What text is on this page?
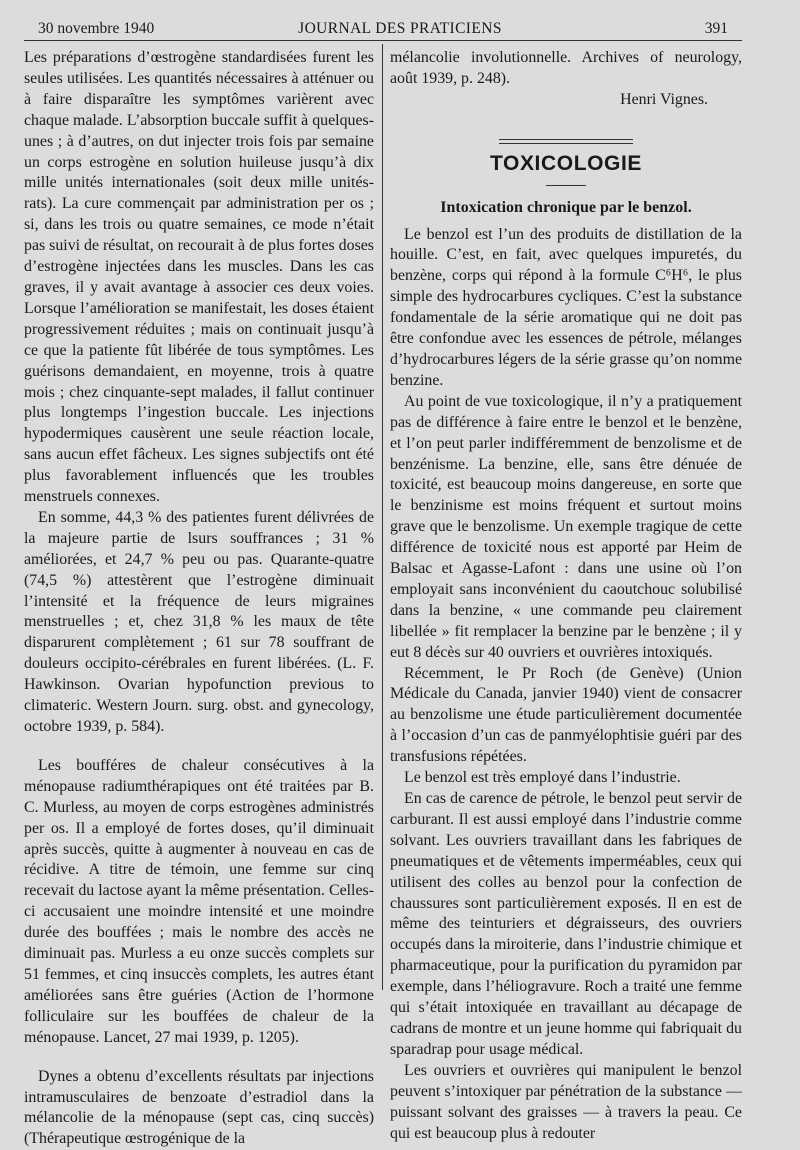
30 novembre 1940	JOURNAL DES PRATICIENS	391

Les préparations d’œstrogène standardisées furent les seules utilisées. Les quantités nécessaires à atténuer ou à faire disparaître les symptômes varièrent avec chaque malade. L’absorption buccale suffit à quelques-unes ; à d’autres, on dut injecter trois fois par semaine un corps estrogène en solution huileuse jusqu’à dix mille unités internationales (soit deux mille unités-rats). La cure commençait par administration per os ; si, dans les trois ou quatre semaines, ce mode n’était pas suivi de résultat, on recourait à de plus fortes doses d’estrogène injectées dans les muscles. Dans les cas graves, il y avait avantage à associer ces deux voies. Lorsque l’amélioration se manifestait, les doses étaient progressivement réduites ; mais on continuait jusqu’à ce que la patiente fût libérée de tous symptômes. Les guérisons demandaient, en moyenne, trois à quatre mois ; chez cinquante-sept malades, il fallut continuer plus longtemps l’ingestion buccale. Les injections hypodermiques causèrent une seule réaction locale, sans aucun effet fâcheux. Les signes subjectifs ont été plus favorablement influencés que les troubles menstruels connexes.

En somme, 44,3 % des patientes furent délivrées de la majeure partie de lsurs souffrances ; 31 % améliorées, et 24,7 % peu ou pas. Quarante-quatre (74,5 %) attestèrent que l’estrogène diminuait l’intensité et la fréquence de leurs migraines menstruelles ; et, chez 31,8 % les maux de tête disparurent complètement ; 61 sur 78 souffrant de douleurs occipito-cérébrales en furent libérées. (L. F. Hawkinson. Ovarian hypofunction previous to climateric. Western Journ. surg. obst. and gynecology, octobre 1939, p. 584).

Les boufféres de chaleur consécutives à la ménopause radiumthérapiques ont été traitées par B. C. Murless, au moyen de corps estrogènes administrés per os. Il a employé de fortes doses, qu’il diminuait après succès, quitte à augmenter à nouveau en cas de récidive. A titre de témoin, une femme sur cinq recevait du lactose ayant la même présentation. Celles-ci accusaient une moindre intensité et une moindre durée des bouffées ; mais le nombre des accès ne diminuait pas. Murless a eu onze succès complets sur 51 femmes, et cinq insuccès complets, les autres étant améliorées sans être guéries (Action de l’hormone folliculaire sur les bouffées de chaleur de la ménopause. Lancet, 27 mai 1939, p. 1205).

Dynes a obtenu d’excellents résultats par injections intramusculaires de benzoate d’estradiol dans la mélancolie de la ménopause (sept cas, cinq succès) (Thérapeutique œstrogénique de la

mélancolie involutionnelle. Archives of neurology, août 1939, p. 248).

Henri Vignes.

TOXICOLOGIE
Intoxication chronique par le benzol.

Le benzol est l’un des produits de distillation de la houille. C’est, en fait, avec quelques impuretés, du benzène, corps qui répond à la formule C⁶H⁶, le plus simple des hydrocarbures cycliques. C’est la substance fondamentale de la série aromatique qui ne doit pas être confondue avec les essences de pétrole, mélanges d’hydrocarbures légers de la série grasse qu’on nomme benzine.

Au point de vue toxicologique, il n’y a pratiquement pas de différence à faire entre le benzol et le benzène, et l’on peut parler indifféremment de benzolisme et de benzénisme. La benzine, elle, sans être dénuée de toxicité, est beaucoup moins dangereuse, en sorte que le benzinisme est moins fréquent et surtout moins grave que le benzolisme. Un exemple tragique de cette différence de toxicité nous est apporté par Heim de Balsac et Agasse-Lafont : dans une usine où l’on employait sans inconvénient du caoutchouc solubilisé dans la benzine, « une commande peu clairement libellée » fit remplacer la benzine par le benzène ; il y eut 8 décès sur 40 ouvriers et ouvrières intoxiqués.

Récemment, le Pr Roch (de Genève) (Union Médicale du Canada, janvier 1940) vient de consacrer au benzolisme une étude particulièrement documentée à l’occasion d’un cas de panmyélophtisie guéri par des transfusions répétées.

Le benzol est très employé dans l’industrie.

En cas de carence de pétrole, le benzol peut servir de carburant. Il est aussi employé dans l’industrie comme solvant. Les ouvriers travaillant dans les fabriques de pneumatiques et de vêtements imperméables, ceux qui utilisent des colles au benzol pour la confection de chaussures sont particulièrement exposés. Il en est de même des teinturiers et dégraisseurs, des ouvriers occupés dans la miroiterie, dans l’industrie chimique et pharmaceutique, pour la purification du pyramidon par exemple, dans l’héliogravure. Roch a traité une femme qui s’était intoxiquée en travaillant au décapage de cadrans de montre et un jeune homme qui fabriquait du sparadrap pour usage médical.

Les ouvriers et ouvrières qui manipulent le benzol peuvent s’intoxiquer par pénétration de la substance — puissant solvant des graisses — à travers la peau. Ce qui est beaucoup plus à redouter
